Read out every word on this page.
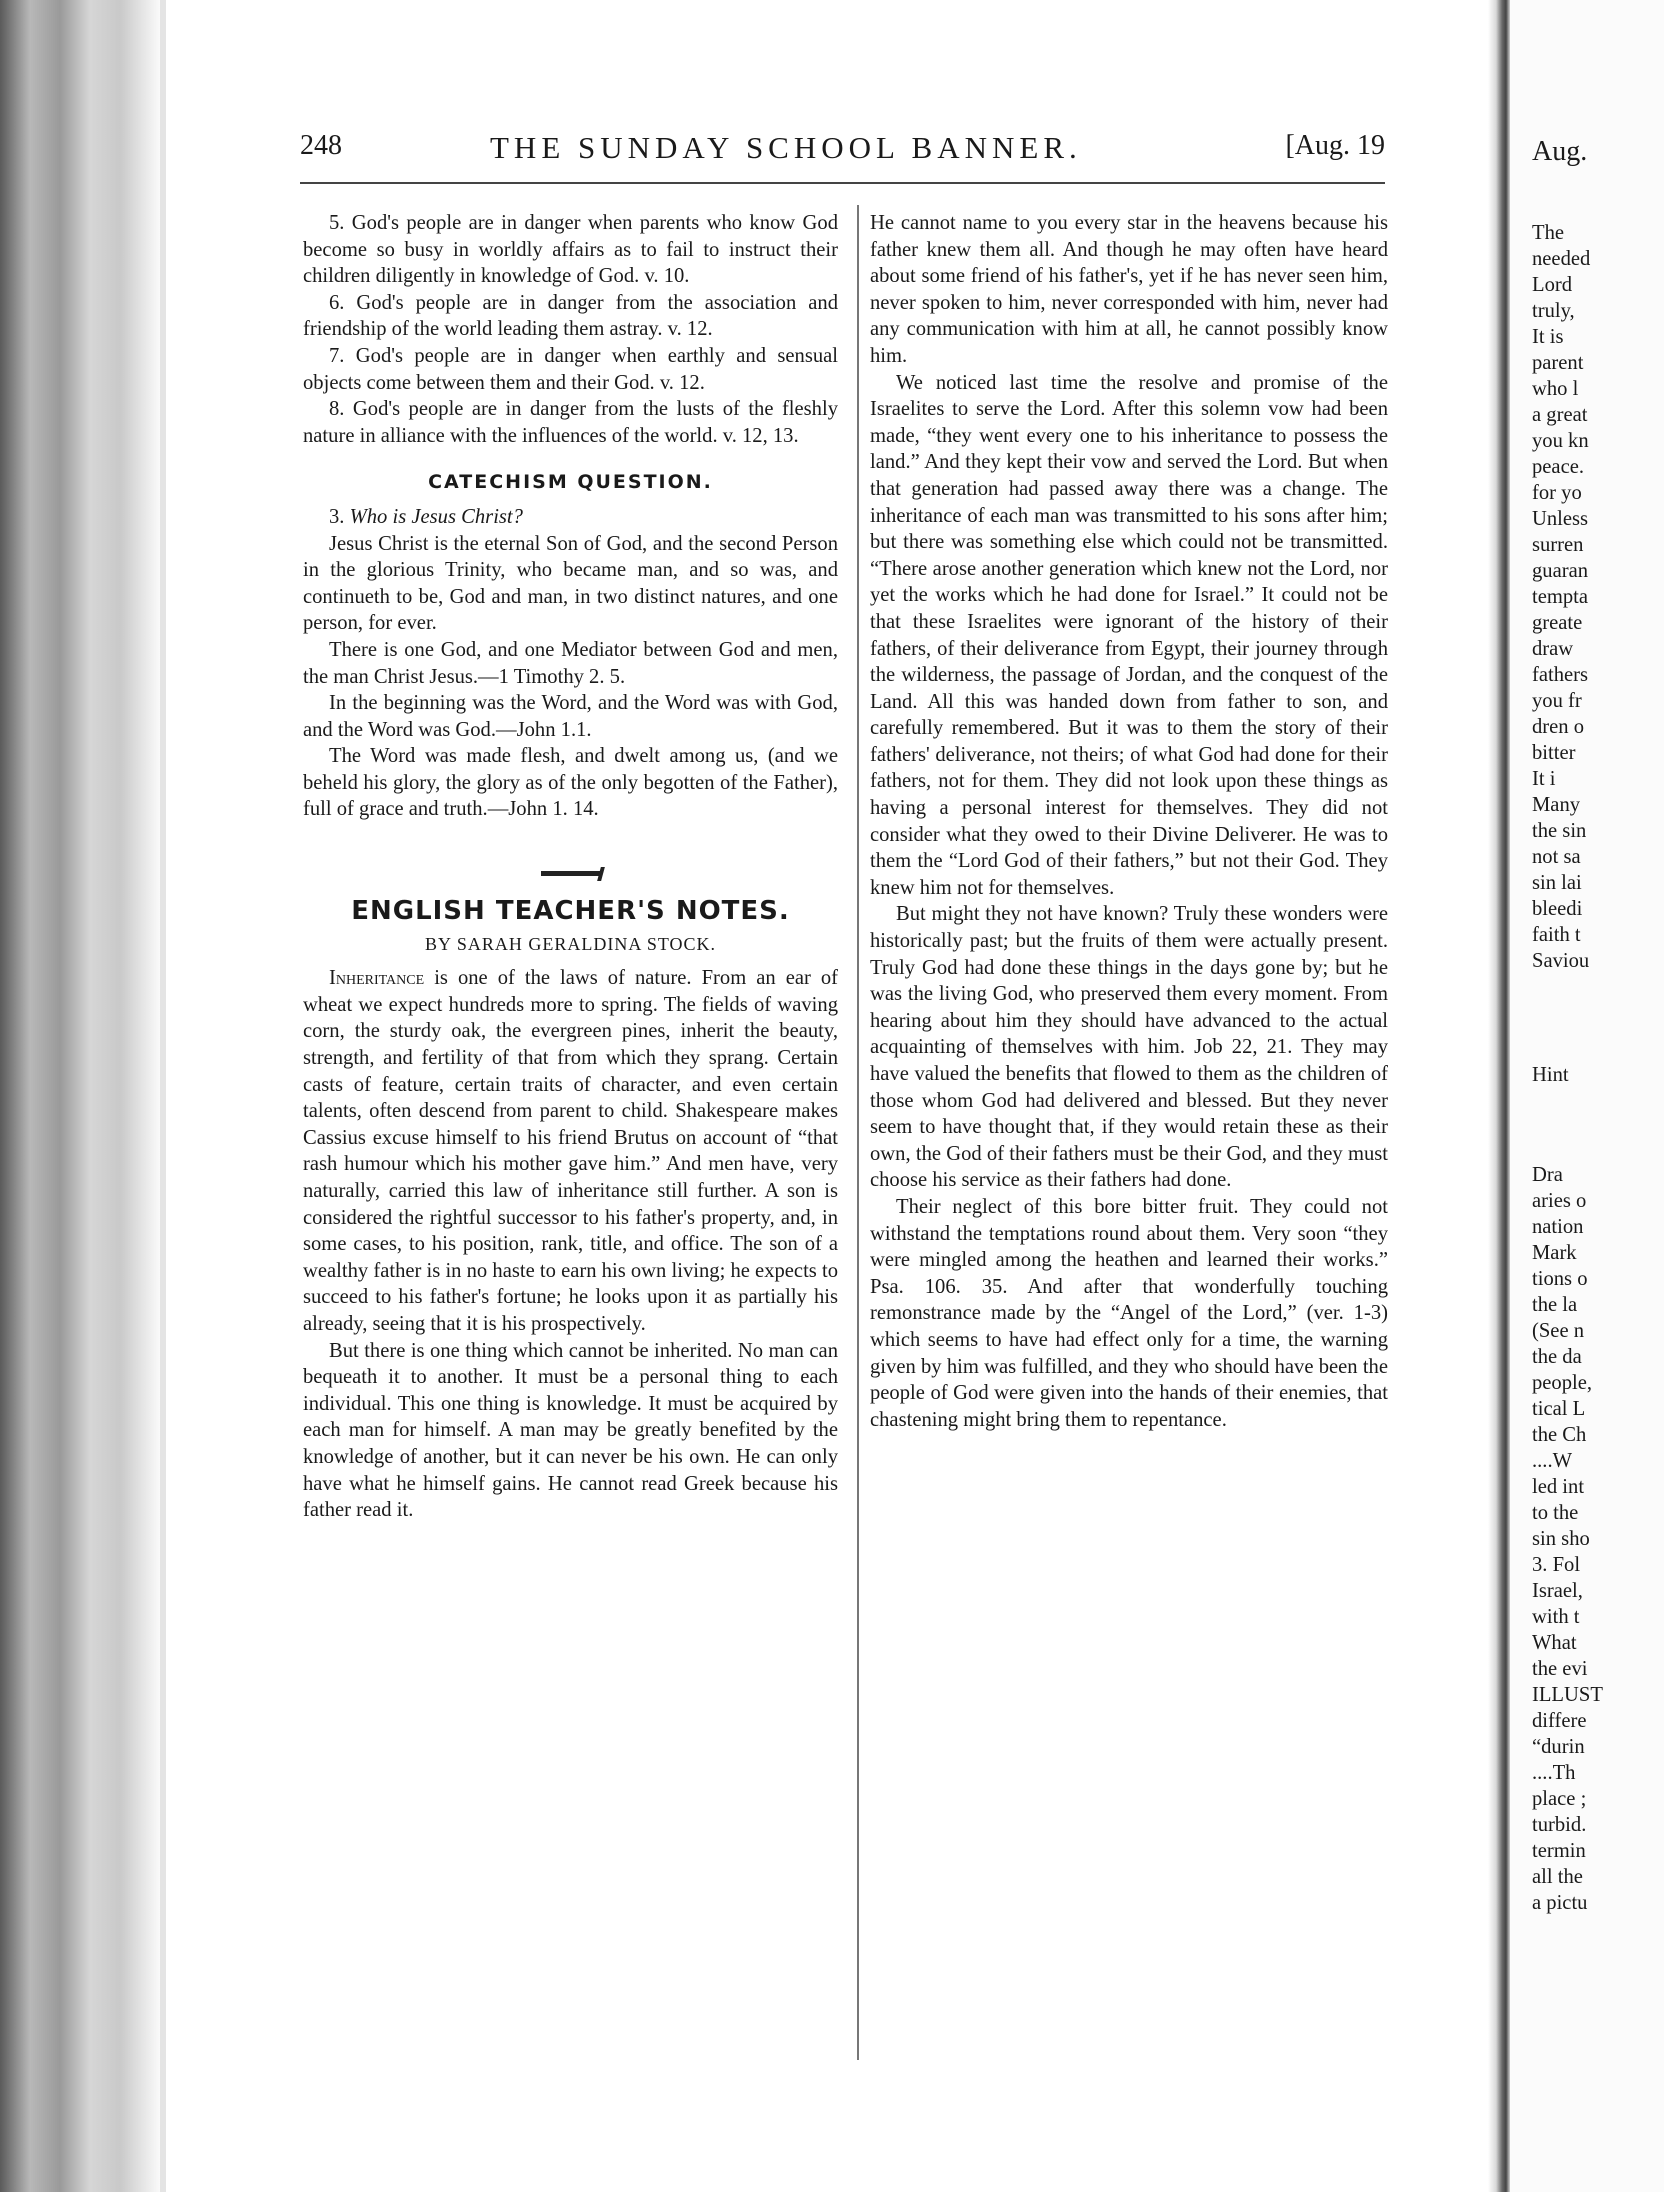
248	THE SUNDAY SCHOOL BANNER.	[Aug. 19

5. God's people are in danger when parents who know God become so busy in worldly affairs as to fail to instruct their children diligently in knowledge of God. v. 10.

6. God's people are in danger from the association and friendship of the world leading them astray. v. 12.

7. God's people are in danger when earthly and sensual objects come between them and their God. v. 12.

8. God's people are in danger from the lusts of the fleshly nature in alliance with the influences of the world. v. 12, 13.

CATECHISM QUESTION.

3. Who is Jesus Christ?

Jesus Christ is the eternal Son of God, and the second Person in the glorious Trinity, who became man, and so was, and continueth to be, God and man, in two distinct natures, and one person, for ever.

There is one God, and one Mediator between God and men, the man Christ Jesus.—1 Timothy 2. 5.

In the beginning was the Word, and the Word was with God, and the Word was God.—John 1.1.

The Word was made flesh, and dwelt among us, (and we beheld his glory, the glory as of the only begotten of the Father), full of grace and truth.—John 1. 14.

ENGLISH TEACHER'S NOTES.
BY SARAH GERALDINA STOCK.

Inheritance is one of the laws of nature. From an ear of wheat we expect hundreds more to spring. The fields of waving corn, the sturdy oak, the evergreen pines, inherit the beauty, strength, and fertility of that from which they sprang. Certain casts of feature, certain traits of character, and even certain talents, often descend from parent to child. Shakespeare makes Cassius excuse himself to his friend Brutus on account of “that rash humour which his mother gave him.” And men have, very naturally, carried this law of inheritance still further. A son is considered the rightful successor to his father's property, and, in some cases, to his position, rank, title, and office. The son of a wealthy father is in no haste to earn his own living; he expects to succeed to his father's fortune; he looks upon it as partially his already, seeing that it is his prospectively.

But there is one thing which cannot be inherited. No man can bequeath it to another. It must be a personal thing to each individual. This one thing is knowledge. It must be acquired by each man for himself. A man may be greatly benefited by the knowledge of another, but it can never be his own. He can only have what he himself gains. He cannot read Greek because his father read it.

He cannot name to you every star in the heavens because his father knew them all. And though he may often have heard about some friend of his father's, yet if he has never seen him, never spoken to him, never corresponded with him, never had any communication with him at all, he cannot possibly know him.

We noticed last time the resolve and promise of the Israelites to serve the Lord. After this solemn vow had been made, “they went every one to his inheritance to possess the land.” And they kept their vow and served the Lord. But when that generation had passed away there was a change. The inheritance of each man was transmitted to his sons after him; but there was something else which could not be transmitted. “There arose another generation which knew not the Lord, nor yet the works which he had done for Israel.” It could not be that these Israelites were ignorant of the history of their fathers, of their deliverance from Egypt, their journey through the wilderness, the passage of Jordan, and the conquest of the Land. All this was handed down from father to son, and carefully remembered. But it was to them the story of their fathers' deliverance, not theirs; of what God had done for their fathers, not for them. They did not look upon these things as having a personal interest for themselves. They did not consider what they owed to their Divine Deliverer. He was to them the “Lord God of their fathers,” but not their God. They knew him not for themselves.

But might they not have known? Truly these wonders were historically past; but the fruits of them were actually present. Truly God had done these things in the days gone by; but he was the living God, who preserved them every moment. From hearing about him they should have advanced to the actual acquainting of themselves with him. Job 22, 21. They may have valued the benefits that flowed to them as the children of those whom God had delivered and blessed. But they never seem to have thought that, if they would retain these as their own, the God of their fathers must be their God, and they must choose his service as their fathers had done.

Their neglect of this bore bitter fruit. They could not withstand the temptations round about them. Very soon “they were mingled among the heathen and learned their works.” Psa. 106. 35. And after that wonderfully touching remonstrance made by the “Angel of the Lord,” (ver. 1-3) which seems to have had effect only for a time, the warning given by him was fulfilled, and they who should have been the people of God were given into the hands of their enemies, that chastening might bring them to repentance.

Aug.
The
needed
Lord
truly,
It is
parent
who l
a great
you kn
peace.
for yo
Unless
surren
guaran
tempta
greate
draw
fathers
you fr
dren o
bitter
It i
Many
the sin
not sa
sin lai
bleedi
faith t
Saviou
Hint
Dra
aries o
nation
Mark
tions o
the la
(See n
the da
people,
tical L
the Ch
....W
led int
to the
sin sho
3. Fol
Israel,
with t
What
the evi
ILLUST
differe
“durin
....Th
place ;
turbid.
termin
all the
a pictu
